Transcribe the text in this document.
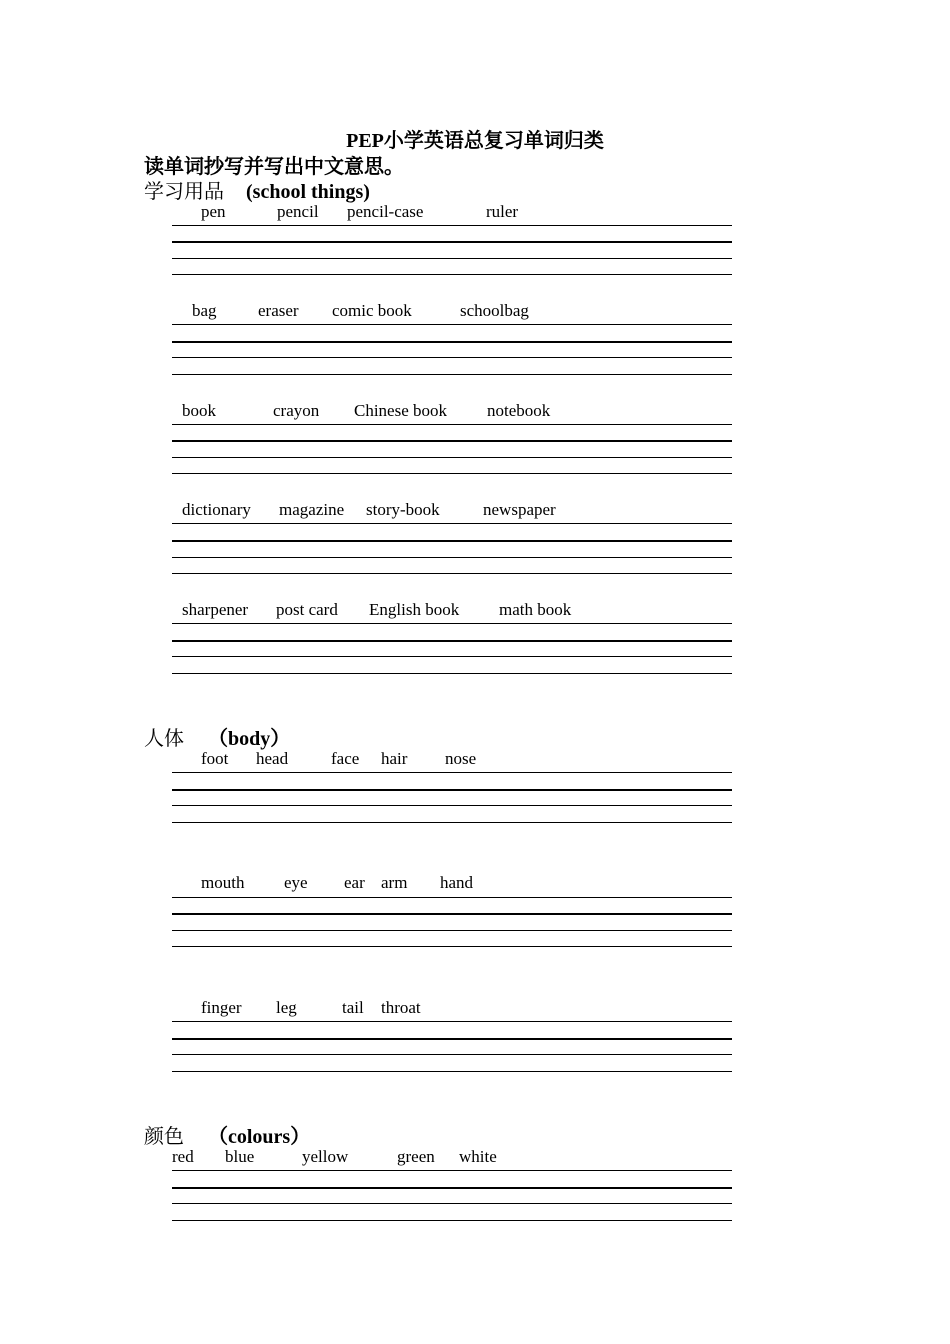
PEP小学英语总复习单词归类
读单词抄写并写出中文意思。
学习用品 (school things)
pen	pencil pencil-case	ruler
bag eraser comic book	schoolbag
book	crayon Chinese book notebook
dictionary magazine story-book	newspaper
sharpener post card English book math book
人体 （body）
foot head	face hair nose
mouth eye ear arm hand
finger leg	tail throat
颜色 （colours）
red blue	yellow	green white
